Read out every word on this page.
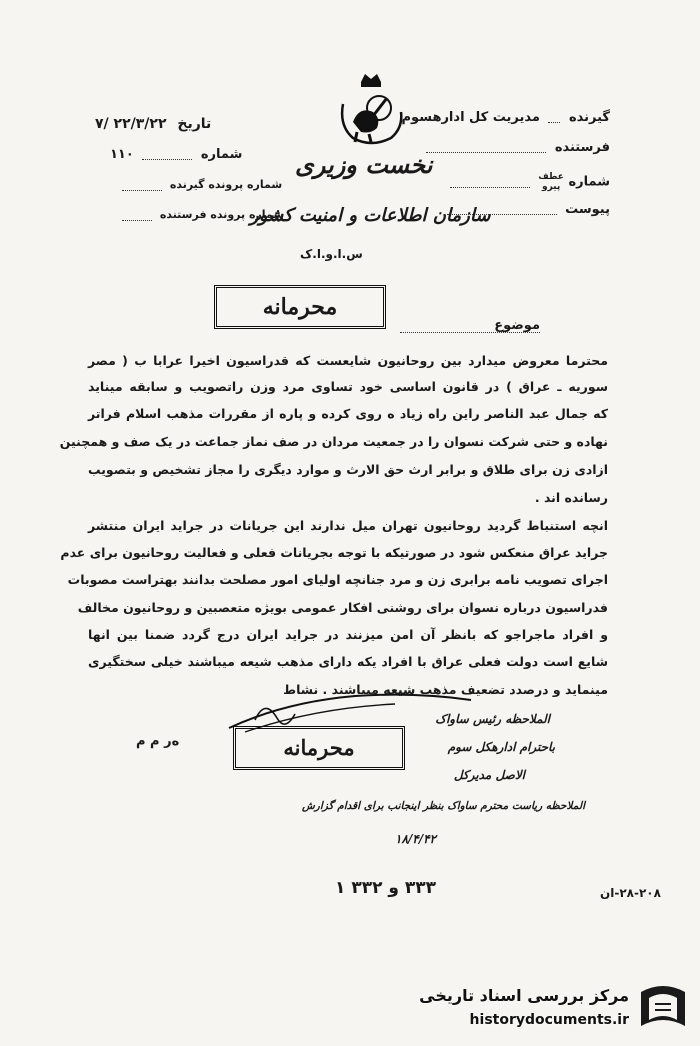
گیرنده  مدیریت کل ادارهسوم
فرستنده
شماره عطف
پیرو
پیوست
نخست وزیری
سازمان اطلاعات و امنیت کشور
س.ا.و.ا.ک
تاریخ ۲۲/۳/۲۲ /۷
شماره  ۱۱۰
شماره پرونده گیرنده
شماره پرونده فرستنده
محرمانه
موضوع
محترما معروض میدارد بین روحانیون شایعست که قدراسیون اخیرا عرابا ب ( مصر
سوریه ـ عراق ) در قانون اساسی خود تساوی مرد وزن راتصویب و سابقه میناید
که جمال عبد الناصر راین راه زیاد ه روی کرده و پاره از مقررات مذهب اسلام فراتر
نهاده و حتی شرکت نسوان را در جمعیت مردان در صف نماز جماعت در یک صف و همچنین
ازادی زن برای طلاق و برابر ارث حق الارث و موارد دیگری را مجاز تشخیص و بتصویب
رسانده اند .
انچه استنباط گردید روحانیون تهران میل ندارند این جریانات در جراید ایران منتشر
جراید عراق منعکس شود در صورتیکه با توجه بجریانات فعلی و فعالیت روحانیون برای عدم
اجرای تصویب نامه برابری زن و مرد جنانچه اولیای امور مصلحت بدانند بهتراست مصوبات
فدراسیون درباره نسوان برای روشنی افکار عمومی بویژه متعصبین و روحانیون مخالف
و افراد ماجراجو که بانظر آن امن میزنند در جراید ایران درج گردد ضمنا بین انها
شایع است دولت فعلی عراق با افراد یکه دارای مذهب شیعه میباشند خیلی سختگیری
مینماید و درصدد تضعیف مذهب شیعه میباشند . نشاط
ه‌ر م م	محرمانه
الملاحظه رئیس ساواک
باحترام ادارهکل سوم
الاصل مدیرکل
الملاحظه ریاست محترم ساواک بنظر اینجانب برای اقدام گزارش
۱۸/۴/۴۲
۳۳۳ و ۳۳۲ ۱	۲۸-۲۰۸-ان
مرکز بررسی اسناد تاریخی
historydocuments.ir
